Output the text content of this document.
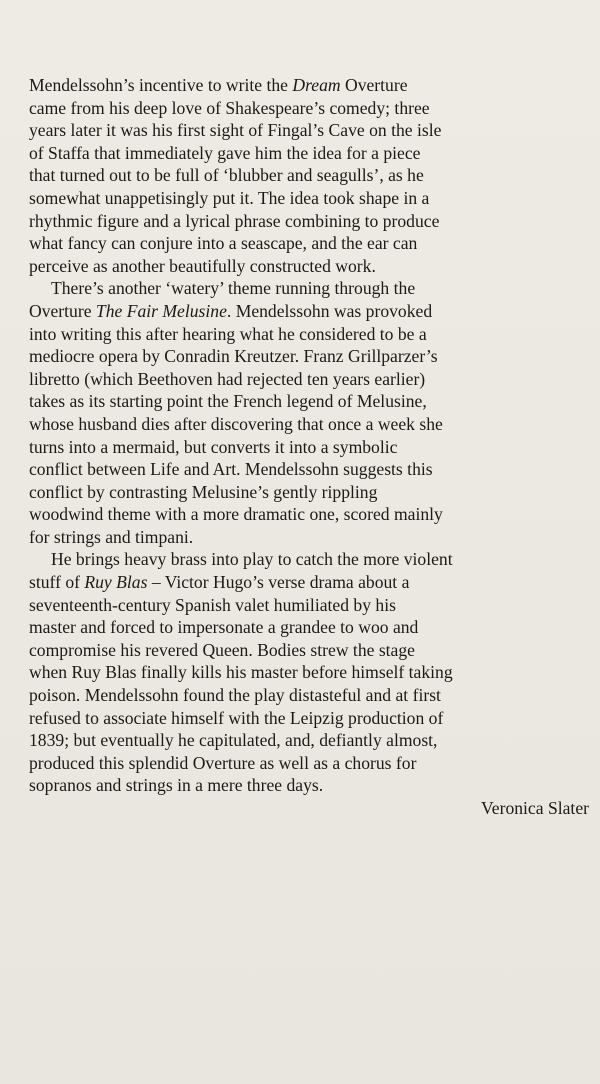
Mendelssohn’s incentive to write the Dream Overture
came from his deep love of Shakespeare’s comedy; three
years later it was his first sight of Fingal’s Cave on the isle
of Staffa that immediately gave him the idea for a piece
that turned out to be full of ‘blubber and seagulls’, as he
somewhat unappetisingly put it. The idea took shape in a
rhythmic figure and a lyrical phrase combining to produce
what fancy can conjure into a seascape, and the ear can
perceive as another beautifully constructed work.

There’s another ‘watery’ theme running through the
Overture The Fair Melusine. Mendelssohn was provoked
into writing this after hearing what he considered to be a
mediocre opera by Conradin Kreutzer. Franz Grillparzer’s
libretto (which Beethoven had rejected ten years earlier)
takes as its starting point the French legend of Melusine,
whose husband dies after discovering that once a week she
turns into a mermaid, but converts it into a symbolic
conflict between Life and Art. Mendelssohn suggests this
conflict by contrasting Melusine’s gently rippling
woodwind theme with a more dramatic one, scored mainly
for strings and timpani.

He brings heavy brass into play to catch the more violent
stuff of Ruy Blas – Victor Hugo’s verse drama about a
seventeenth-century Spanish valet humiliated by his
master and forced to impersonate a grandee to woo and
compromise his revered Queen. Bodies strew the stage
when Ruy Blas finally kills his master before himself taking
poison. Mendelssohn found the play distasteful and at first
refused to associate himself with the Leipzig production of
1839; but eventually he capitulated, and, defiantly almost,
produced this splendid Overture as well as a chorus for
sopranos and strings in a mere three days.

Veronica Slater
